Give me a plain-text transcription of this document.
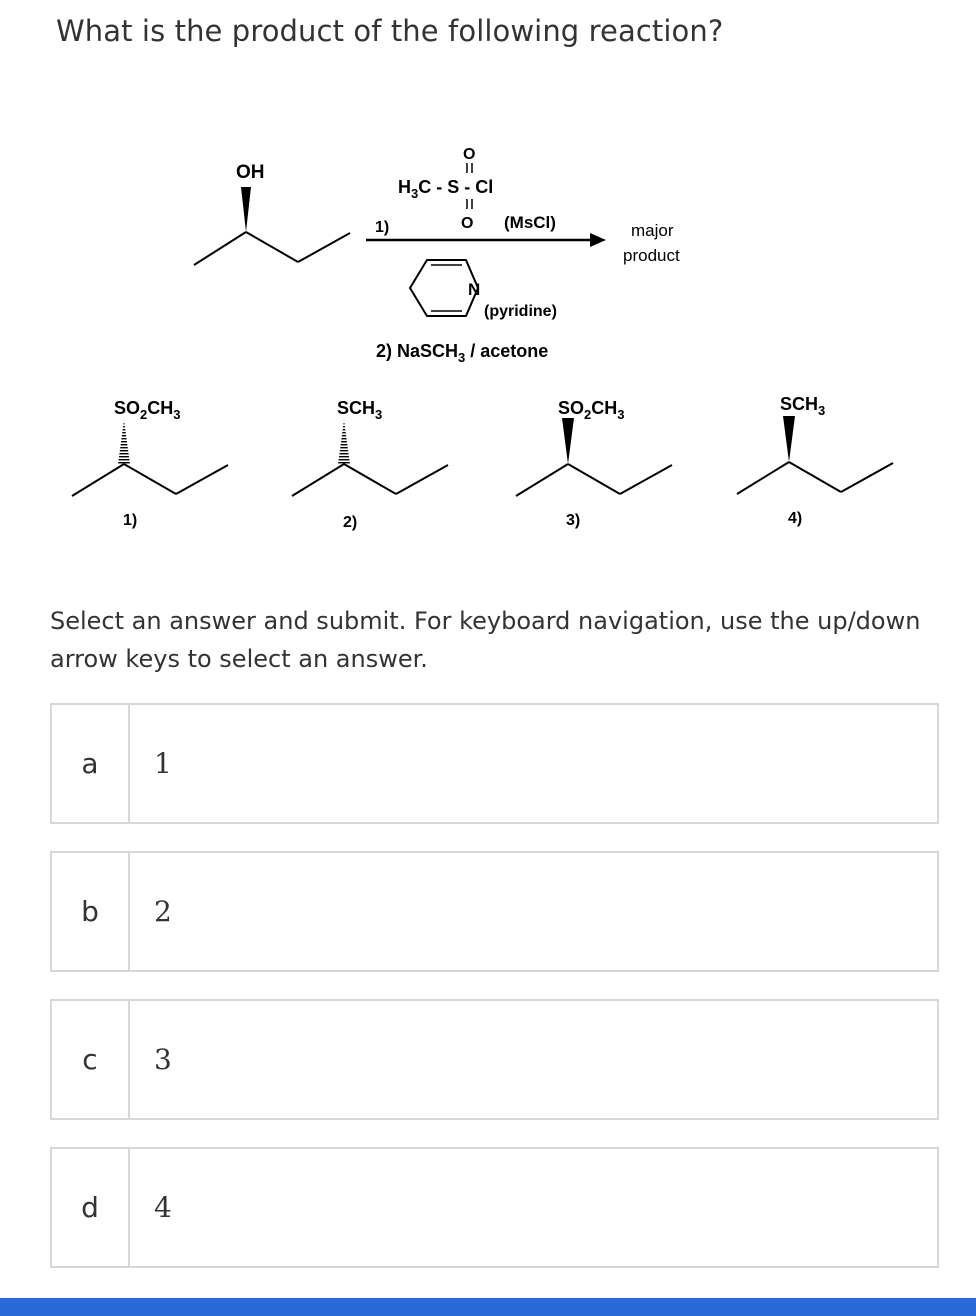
What is the product of the following reaction?
OH
O
$H_3C$ - S - Cl
1)	O (MsCl)
N
(pyridine)
2) NaSCH$_3$ / acetone
major
product
$SO_2CH_3$
1)
$SCH_3$
2)
$SO_2CH_3$
3)
$SCH_3$
4)

Select an answer and submit. For keyboard navigation, use the up/down arrow keys to select an answer.

a	1
b	2
c	3
d	4
